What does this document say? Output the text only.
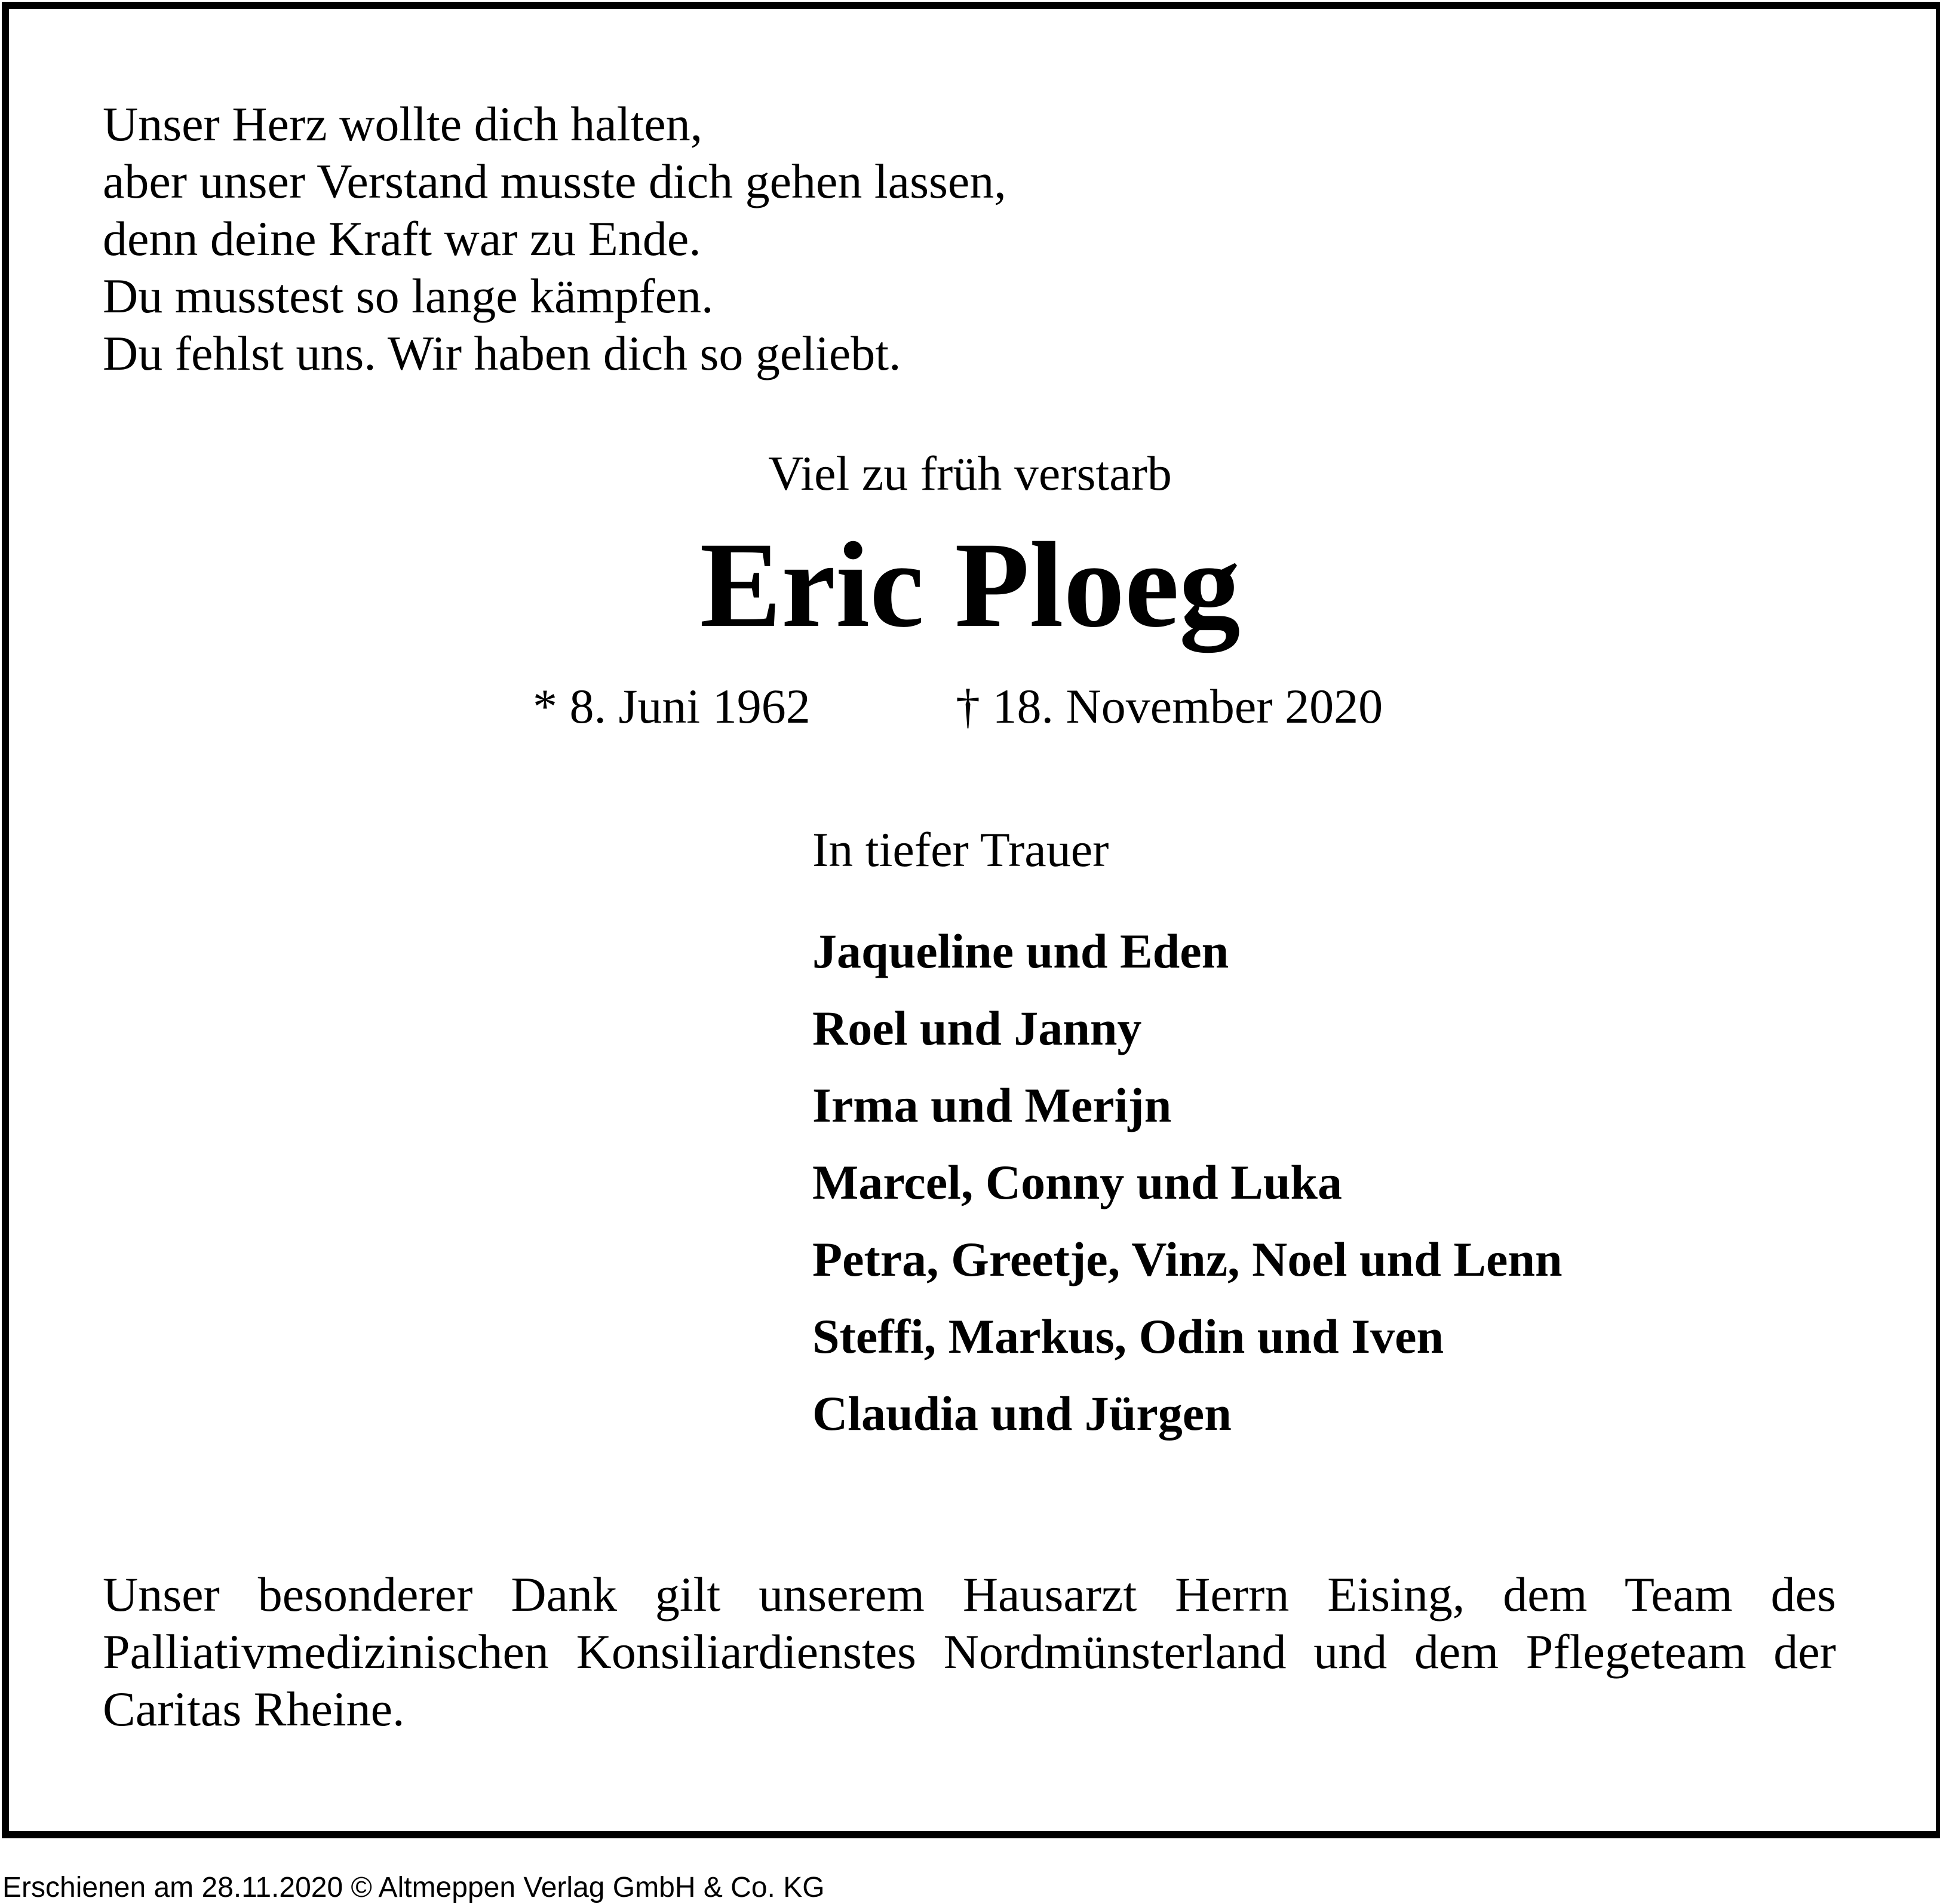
Unser Herz wollte dich halten,
aber unser Verstand musste dich gehen lassen,
denn deine Kraft war zu Ende.
Du musstest so lange kämpfen.
Du fehlst uns. Wir haben dich so geliebt.
Viel zu früh verstarb
Eric Ploeg
* 8. Juni 1962	† 18. November 2020
In tiefer Trauer
Jaqueline und Eden
Roel und Janny
Irma und Merijn
Marcel, Conny und Luka
Petra, Greetje, Vinz, Noel und Lenn
Steffi, Markus, Odin und Iven
Claudia und Jürgen
Unser besonderer Dank gilt unserem Hausarzt Herrn Eising, dem Team des Palliativmedizinischen Konsiliardienstes Nordmünsterland und dem Pflegeteam der Caritas Rheine.
Erschienen am 28.11.2020 © Altmeppen Verlag GmbH & Co. KG
